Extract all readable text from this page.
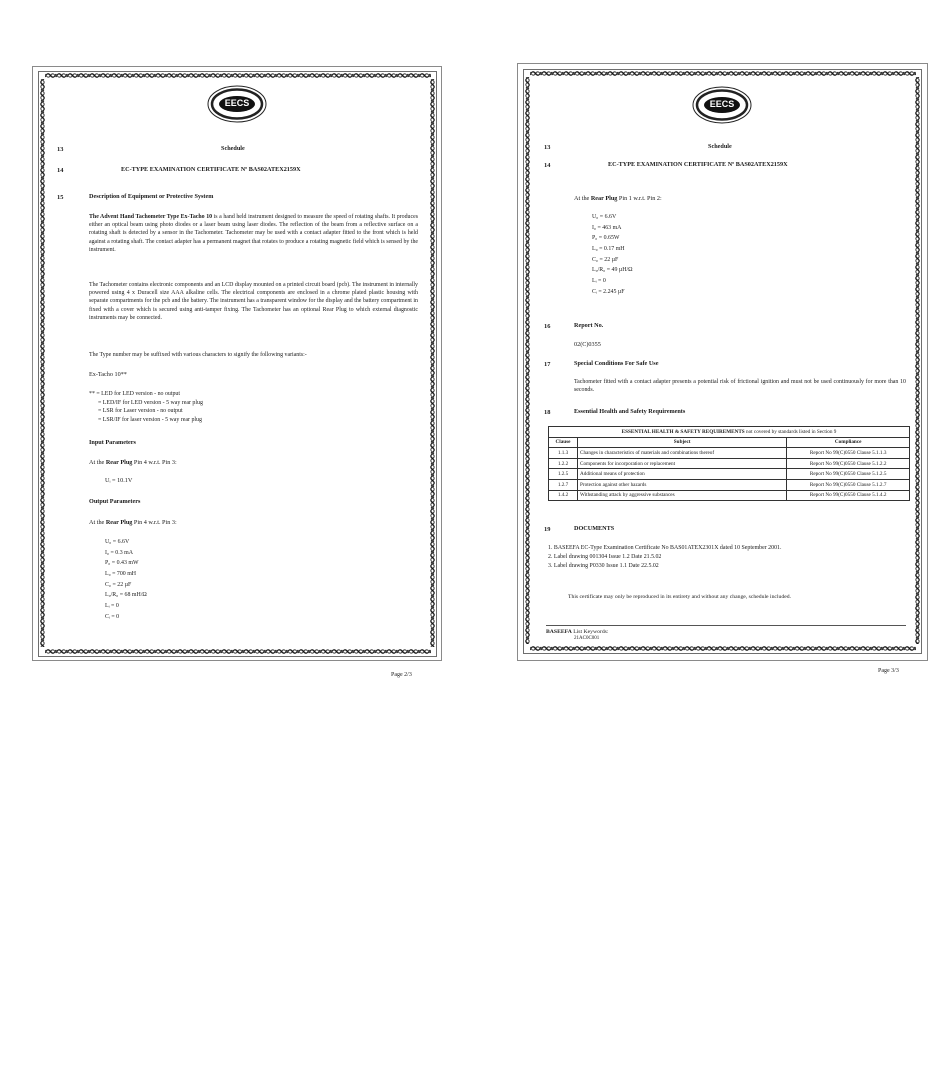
EECS
13	Schedule
14	EC-TYPE EXAMINATION CERTIFICATE Nº BAS02ATEX2159X
15	Description of Equipment or Protective System
The Advent Hand Tachometer Type Ex-Tacho 10 is a hand held instrument designed to measure the speed of rotating shafts. It produces either an optical beam using photo diodes or a laser beam using laser diodes. The reflection of the beam from a reflective surface on a rotating shaft is detected by a sensor in the Tachometer. Tachometer may be used with a contact adapter fitted to the front which is held against a rotating shaft. The contact adapter has a permanent magnet that rotates to produce a rotating magnetic field which is sensed by the instrument.
The Tachometer contains electronic components and an LCD display mounted on a printed circuit board (pcb). The instrument in internally powered using 4 x Duracell size AAA alkaline cells. The electrical components are enclosed in a chrome plated plastic housing with separate compartments for the pcb and the battery. The instrument has a transparent window for the display and the battery compartment in fixed with a cover which is secured using anti-tamper fixing. The Tachometer has an optional Rear Plug to which external diagnostic instruments may be connected.
The Type number may be suffixed with various characters to signify the following variants:-
Ex-Tacho 10**
** = LED for LED version - no output
= LED/IF for LED version - 5 way rear plug
= LSR for Laser version - no output
= LSR/IF for laser version - 5 way rear plug
Input Parameters
At the Rear Plug Pin 4 w.r.t. Pin 3:
Uᵢ = 10.1V
Output Parameters
At the Rear Plug Pin 4 w.r.t. Pin 3:
U₀ = 6.6V
I₀ = 0.3 mA
P₀ = 0.43 mW
L₀ = 700 mH
C₀ = 22 µF
L₀/R₀ = 68 mH/Ω
Lᵢ = 0
Cᵢ = 0
Page 2/3
EECS
13	Schedule
14	EC-TYPE EXAMINATION CERTIFICATE Nº BAS02ATEX2159X
At the Rear Plug Pin 1 w.r.t. Pin 2:
U₀ = 6.6V
I₀ = 463 mA
P₀ = 0.65W
L₀ = 0.17 mH
C₀ = 22 µF
L₀/R₀ = 49 µH/Ω
Lᵢ = 0
Cᵢ = 2.245 µF
16	Report No.
02(C)0355
17	Special Conditions For Safe Use
Tachometer fitted with a contact adapter presents a potential risk of frictional ignition and must not be used continuously for more than 10 seconds.
18	Essential Health and Safety Requirements
ESSENTIAL HEALTH & SAFETY REQUIREMENTS not covered by standards listed in Section 9		
Clause	Subject	Compliance
1.1.3	Changes in characteristics of materials and combinations thereof	Report No 99(C)0550 Clause 5.1.1.3
1.2.2	Components for incorporation or replacement	Report No 99(C)0550 Clause 5.1.2.2
1.2.5	Additional means of protection	Report No 99(C)0550 Clause 5.1.2.5
1.2.7	Protection against other hazards	Report No 99(C)0550 Clause 5.1.2.7
1.4.2	Withstanding attack by aggressive substances	Report No 99(C)0550 Clause 5.1.4.2
19	DOCUMENTS
1. BASEEFA EC-Type Examination Certificate No BAS01ATEX2301X dated 10 September 2001.
2. Label drawing 001304 Issue 1.2 Date 21.5.02
3. Label drawing P0330 Issue 1.1 Date 22.5.02
This certificate may only be reproduced in its entirety and without any change, schedule included.
BASEEFA List Keywords:
21AC0C001
Page 3/3
